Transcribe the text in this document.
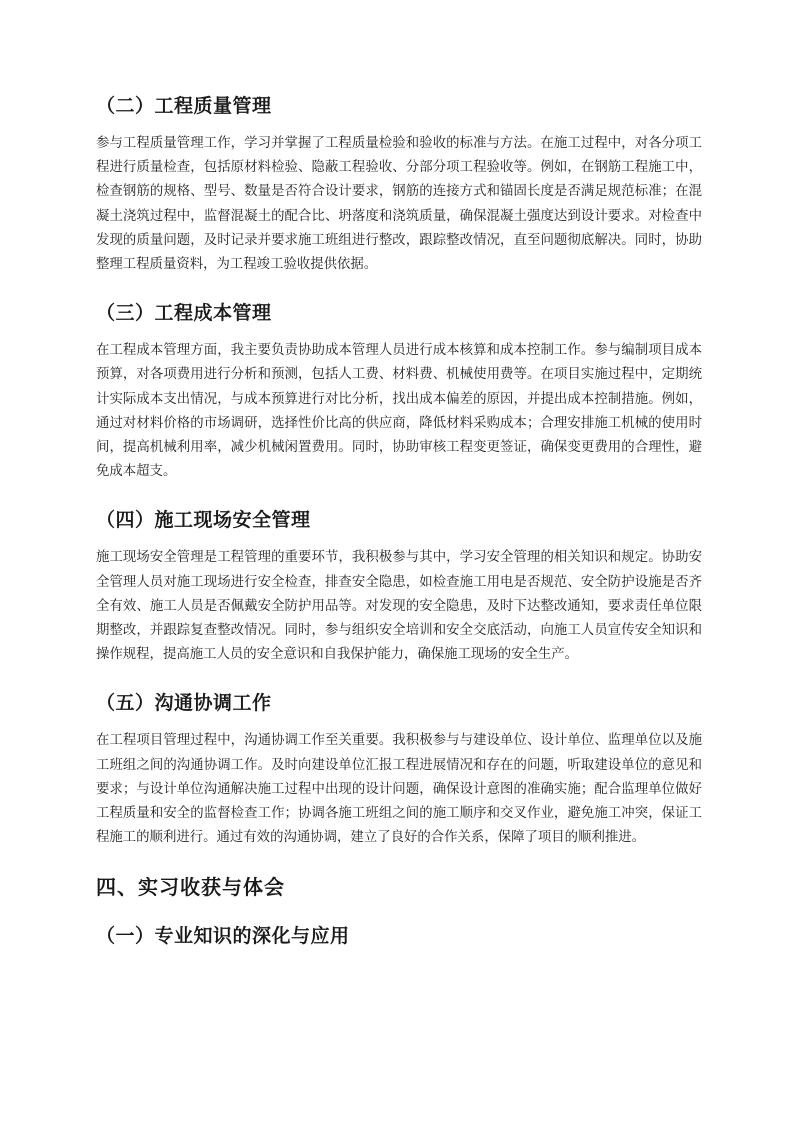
（二）工程质量管理

参与工程质量管理工作，学习并掌握了工程质量检验和验收的标准与方法。在施工过程中，对各分项工程进行质量检查，包括原材料检验、隐蔽工程验收、分部分项工程验收等。例如，在钢筋工程施工中，检查钢筋的规格、型号、数量是否符合设计要求，钢筋的连接方式和锚固长度是否满足规范标准；在混凝土浇筑过程中，监督混凝土的配合比、坍落度和浇筑质量，确保混凝土强度达到设计要求。对检查中发现的质量问题，及时记录并要求施工班组进行整改，跟踪整改情况，直至问题彻底解决。同时，协助整理工程质量资料，为工程竣工验收提供依据。

（三）工程成本管理

在工程成本管理方面，我主要负责协助成本管理人员进行成本核算和成本控制工作。参与编制项目成本预算，对各项费用进行分析和预测，包括人工费、材料费、机械使用费等。在项目实施过程中，定期统计实际成本支出情况，与成本预算进行对比分析，找出成本偏差的原因，并提出成本控制措施。例如，通过对材料价格的市场调研，选择性价比高的供应商，降低材料采购成本；合理安排施工机械的使用时间，提高机械利用率，减少机械闲置费用。同时，协助审核工程变更签证，确保变更费用的合理性，避免成本超支。

（四）施工现场安全管理

施工现场安全管理是工程管理的重要环节，我积极参与其中，学习安全管理的相关知识和规定。协助安全管理人员对施工现场进行安全检查，排查安全隐患，如检查施工用电是否规范、安全防护设施是否齐全有效、施工人员是否佩戴安全防护用品等。对发现的安全隐患，及时下达整改通知，要求责任单位限期整改，并跟踪复查整改情况。同时，参与组织安全培训和安全交底活动，向施工人员宣传安全知识和操作规程，提高施工人员的安全意识和自我保护能力，确保施工现场的安全生产。

（五）沟通协调工作

在工程项目管理过程中，沟通协调工作至关重要。我积极参与与建设单位、设计单位、监理单位以及施工班组之间的沟通协调工作。及时向建设单位汇报工程进展情况和存在的问题，听取建设单位的意见和要求；与设计单位沟通解决施工过程中出现的设计问题，确保设计意图的准确实施；配合监理单位做好工程质量和安全的监督检查工作；协调各施工班组之间的施工顺序和交叉作业，避免施工冲突，保证工程施工的顺利进行。通过有效的沟通协调，建立了良好的合作关系，保障了项目的顺利推进。

四、实习收获与体会
（一）专业知识的深化与应用
